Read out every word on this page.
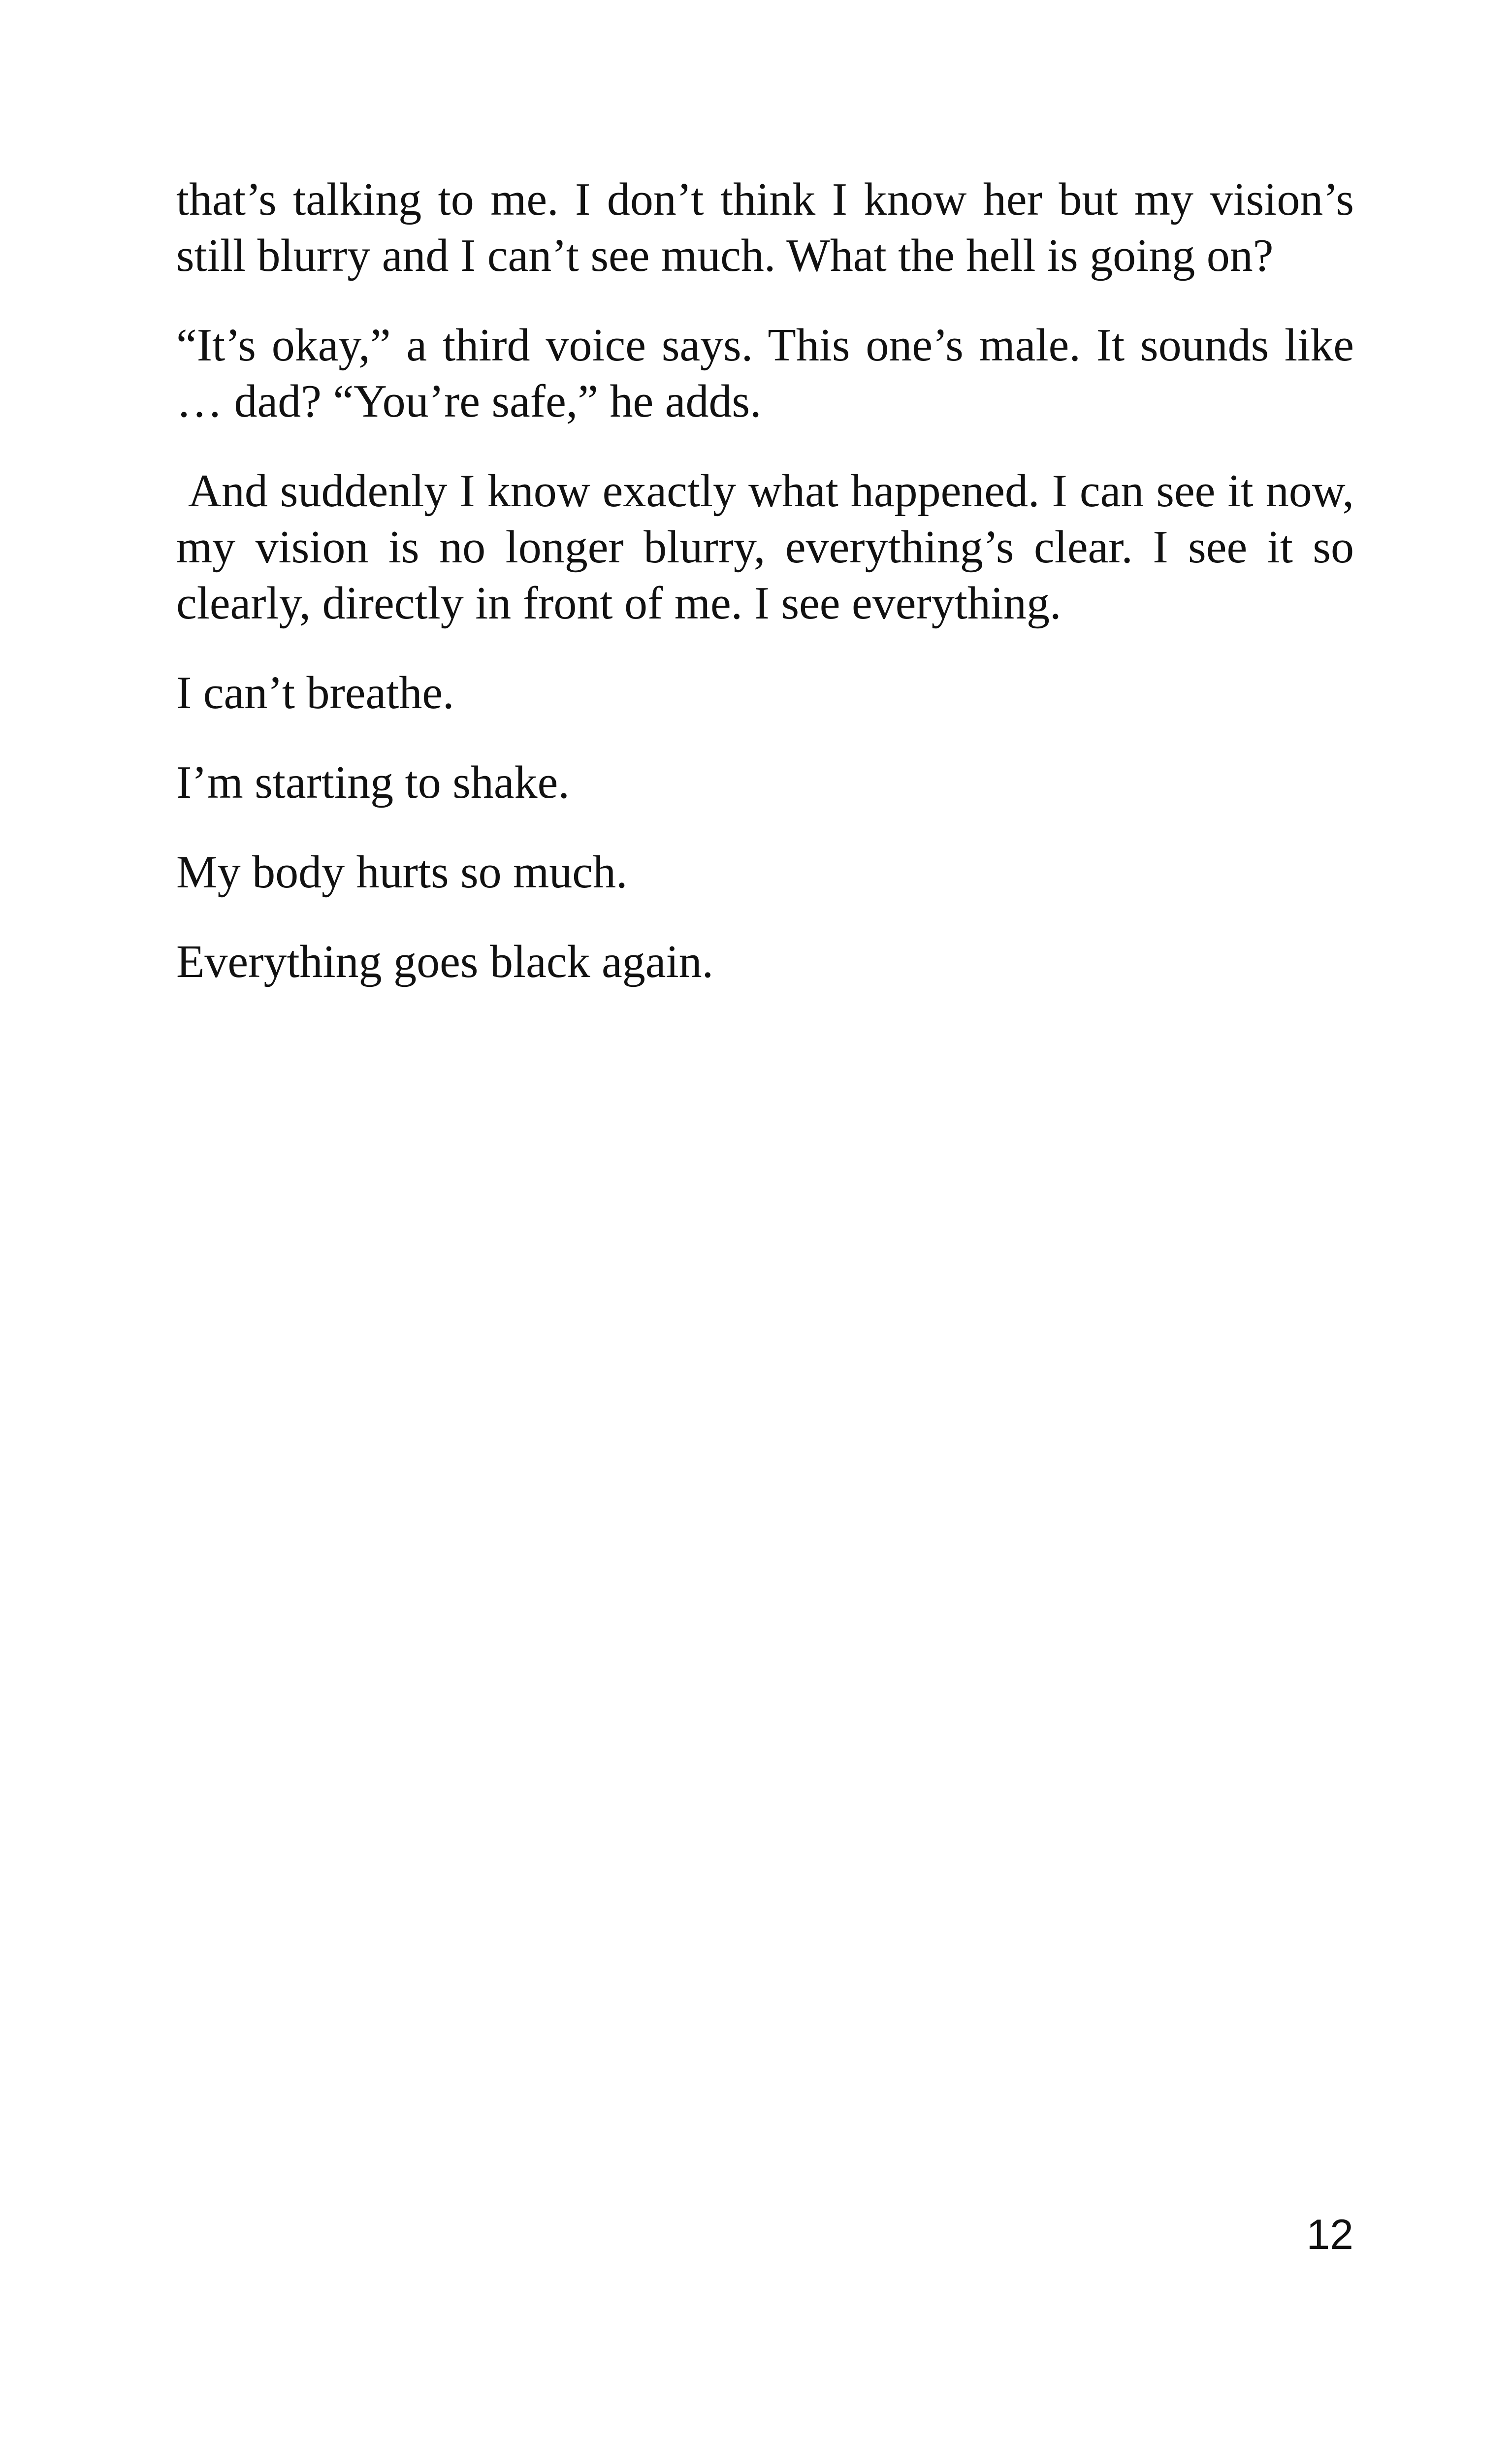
that’s talking to me. I don’t think I know her but my vision’s still blurry and I can’t see much. What the hell is going on?

“It’s okay,” a third voice says. This one’s male. It sounds like … dad? “You’re safe,” he adds.

And suddenly I know exactly what happened. I can see it now, my vision is no longer blurry, everything’s clear. I see it so clearly, directly in front of me. I see everything.

I can’t breathe.

I’m starting to shake.

My body hurts so much.

Everything goes black again.

12
